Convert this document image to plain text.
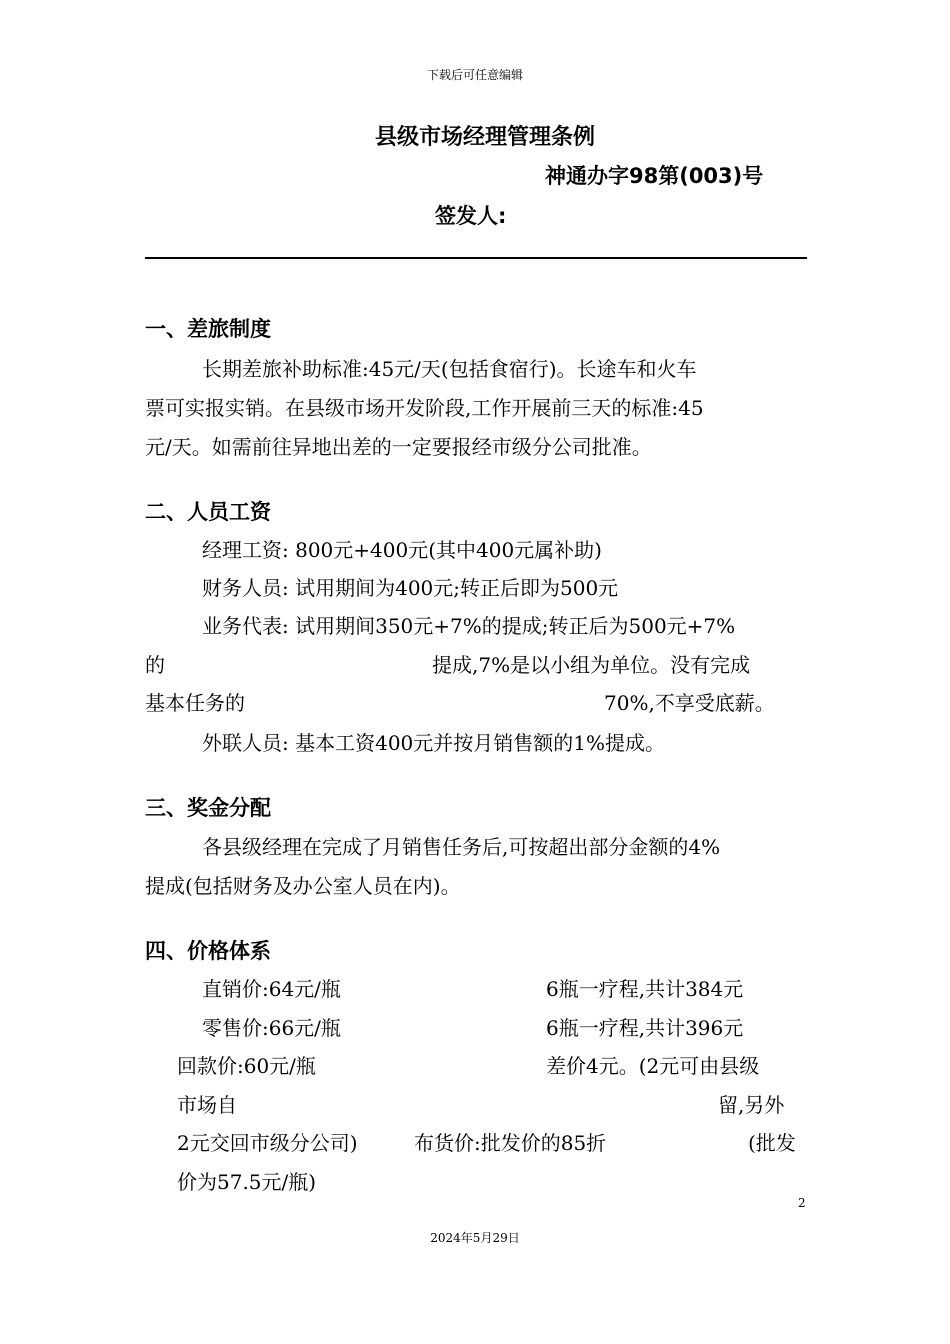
下载后可任意编辑
县级市场经理管理条例
神通办字98第(003)号
签发人:
一、差旅制度
长期差旅补助标准:45元/天(包括食宿行)。长途车和火车
票可实报实销。在县级市场开发阶段,工作开展前三天的标准:45
元/天。如需前往异地出差的一定要报经市级分公司批准。
二、人员工资
经理工资: 800元+400元(其中400元属补助)
财务人员: 试用期间为400元;转正后即为500元
业务代表: 试用期间350元+7%的提成;转正后为500元+7%
的	提成,7%是以小组为单位。没有完成
基本任务的	70%,不享受底薪。
外联人员: 基本工资400元并按月销售额的1%提成。
三、奖金分配
各县级经理在完成了月销售任务后,可按超出部分金额的4%
提成(包括财务及办公室人员在内)。
四、价格体系
直销价:64元/瓶	6瓶一疗程,共计384元
零售价:66元/瓶	6瓶一疗程,共计396元
回款价:60元/瓶	差价4元。(2元可由县级
市场自	留,另外
2元交回市级分公司)	布货价:批发价的85折	(批发
价为57.5元/瓶)
2
2024年5月29日
